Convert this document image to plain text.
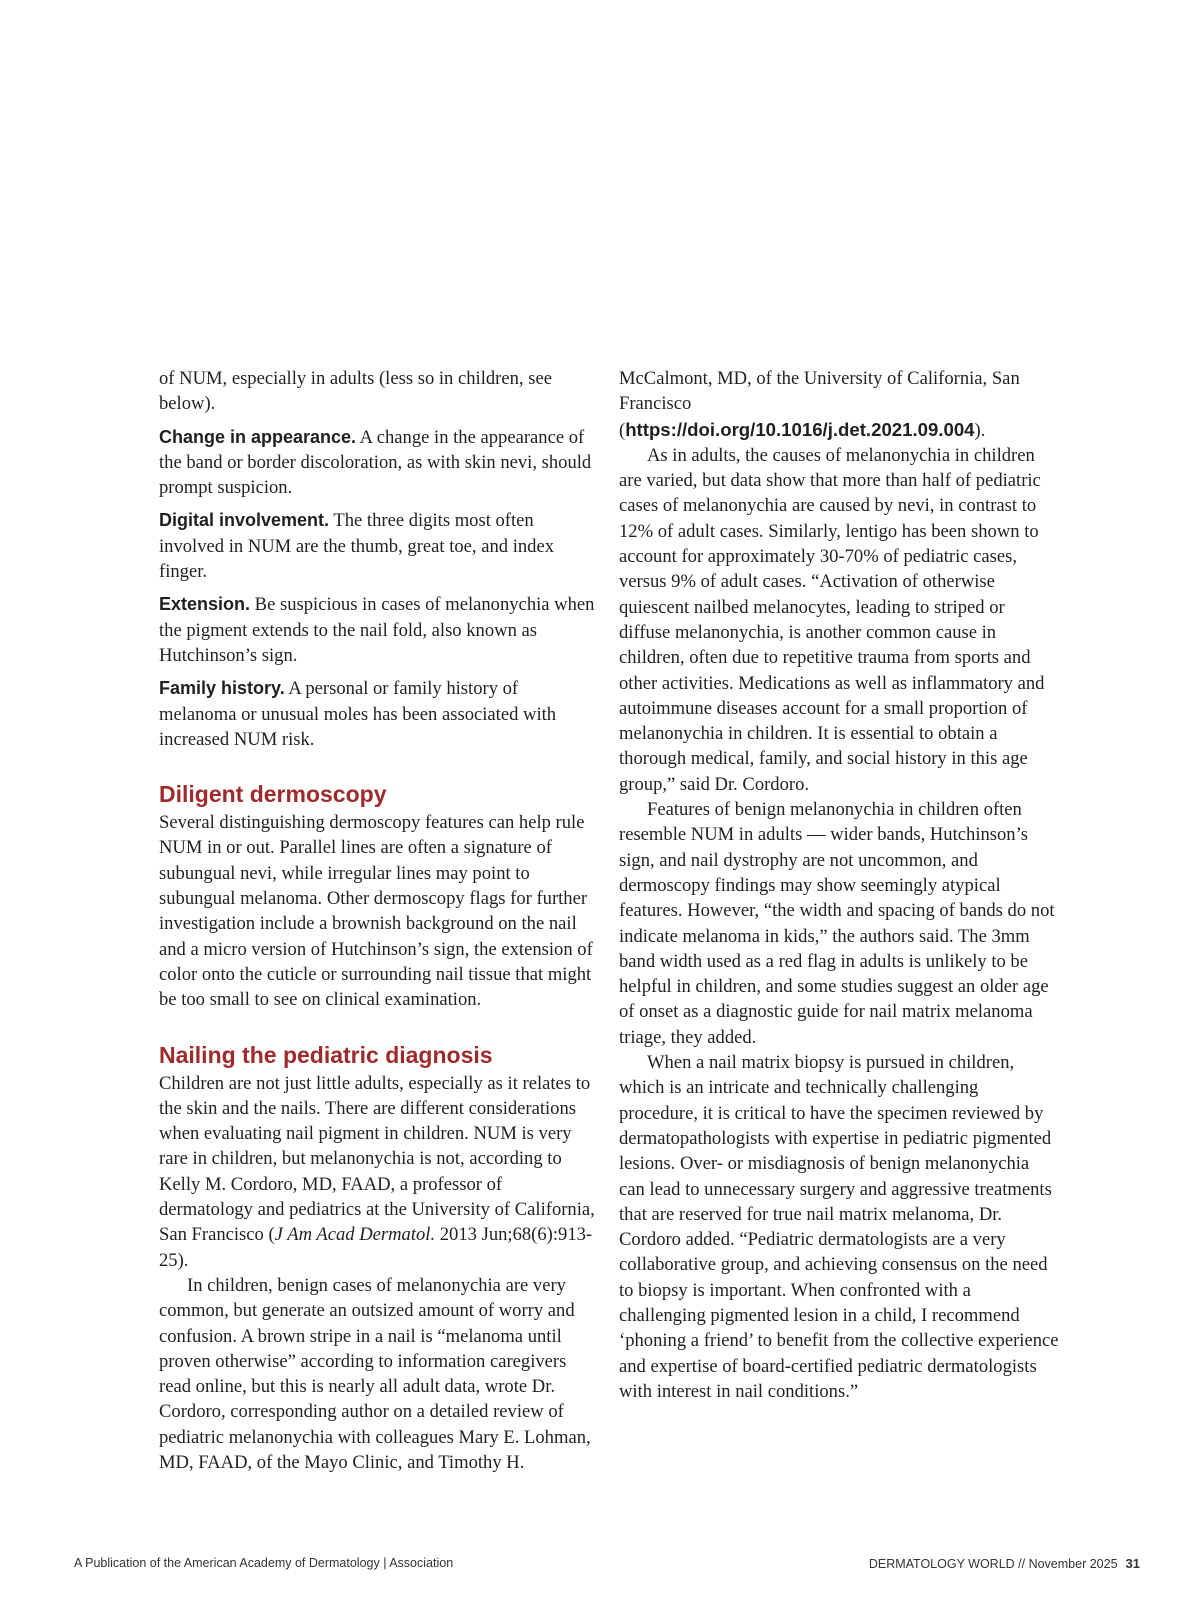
of NUM, especially in adults (less so in children, see below).

Change in appearance. A change in the appearance of the band or border discoloration, as with skin nevi, should prompt suspicion.

Digital involvement. The three digits most often involved in NUM are the thumb, great toe, and index finger.

Extension. Be suspicious in cases of melanonychia when the pigment extends to the nail fold, also known as Hutchinson’s sign.

Family history. A personal or family history of melanoma or unusual moles has been associated with increased NUM risk.

Diligent dermoscopy

Several distinguishing dermoscopy features can help rule NUM in or out. Parallel lines are often a signature of subungual nevi, while irregular lines may point to subungual melanoma. Other dermoscopy flags for further investigation include a brownish background on the nail and a micro version of Hutchinson’s sign, the extension of color onto the cuticle or surrounding nail tissue that might be too small to see on clinical examination.

Nailing the pediatric diagnosis

Children are not just little adults, especially as it relates to the skin and the nails. There are different considerations when evaluating nail pigment in children. NUM is very rare in children, but melanonychia is not, according to Kelly M. Cordoro, MD, FAAD, a professor of dermatology and pediatrics at the University of California, San Francisco (J Am Acad Dermatol. 2013 Jun;68(6):913-25).

In children, benign cases of melanonychia are very common, but generate an outsized amount of worry and confusion. A brown stripe in a nail is “melanoma until proven otherwise” according to information caregivers read online, but this is nearly all adult data, wrote Dr. Cordoro, corresponding author on a detailed review of pediatric melanonychia with colleagues Mary E. Lohman, MD, FAAD, of the Mayo Clinic, and Timothy H.

McCalmont, MD, of the University of California, San Francisco (https://doi.org/10.1016/j.det.2021.09.004).

As in adults, the causes of melanonychia in children are varied, but data show that more than half of pediatric cases of melanonychia are caused by nevi, in contrast to 12% of adult cases. Similarly, lentigo has been shown to account for approximately 30-70% of pediatric cases, versus 9% of adult cases. “Activation of otherwise quiescent nailbed melanocytes, leading to striped or diffuse melanonychia, is another common cause in children, often due to repetitive trauma from sports and other activities. Medications as well as inflammatory and autoimmune diseases account for a small proportion of melanonychia in children. It is essential to obtain a thorough medical, family, and social history in this age group,” said Dr. Cordoro.

Features of benign melanonychia in children often resemble NUM in adults — wider bands, Hutchinson’s sign, and nail dystrophy are not uncommon, and dermoscopy findings may show seemingly atypical features. However, “the width and spacing of bands do not indicate melanoma in kids,” the authors said. The 3mm band width used as a red flag in adults is unlikely to be helpful in children, and some studies suggest an older age of onset as a diagnostic guide for nail matrix melanoma triage, they added.

When a nail matrix biopsy is pursued in children, which is an intricate and technically challenging procedure, it is critical to have the specimen reviewed by dermatopathologists with expertise in pediatric pigmented lesions. Over- or misdiagnosis of benign melanonychia can lead to unnecessary surgery and aggressive treatments that are reserved for true nail matrix melanoma, Dr. Cordoro added. “Pediatric dermatologists are a very collaborative group, and achieving consensus on the need to biopsy is important. When confronted with a challenging pigmented lesion in a child, I recommend ‘phoning a friend’ to benefit from the collective experience and expertise of board-certified pediatric dermatologists with interest in nail conditions.”

A Publication of the American Academy of Dermatology | Association	DERMATOLOGY WORLD // November 2025 31
